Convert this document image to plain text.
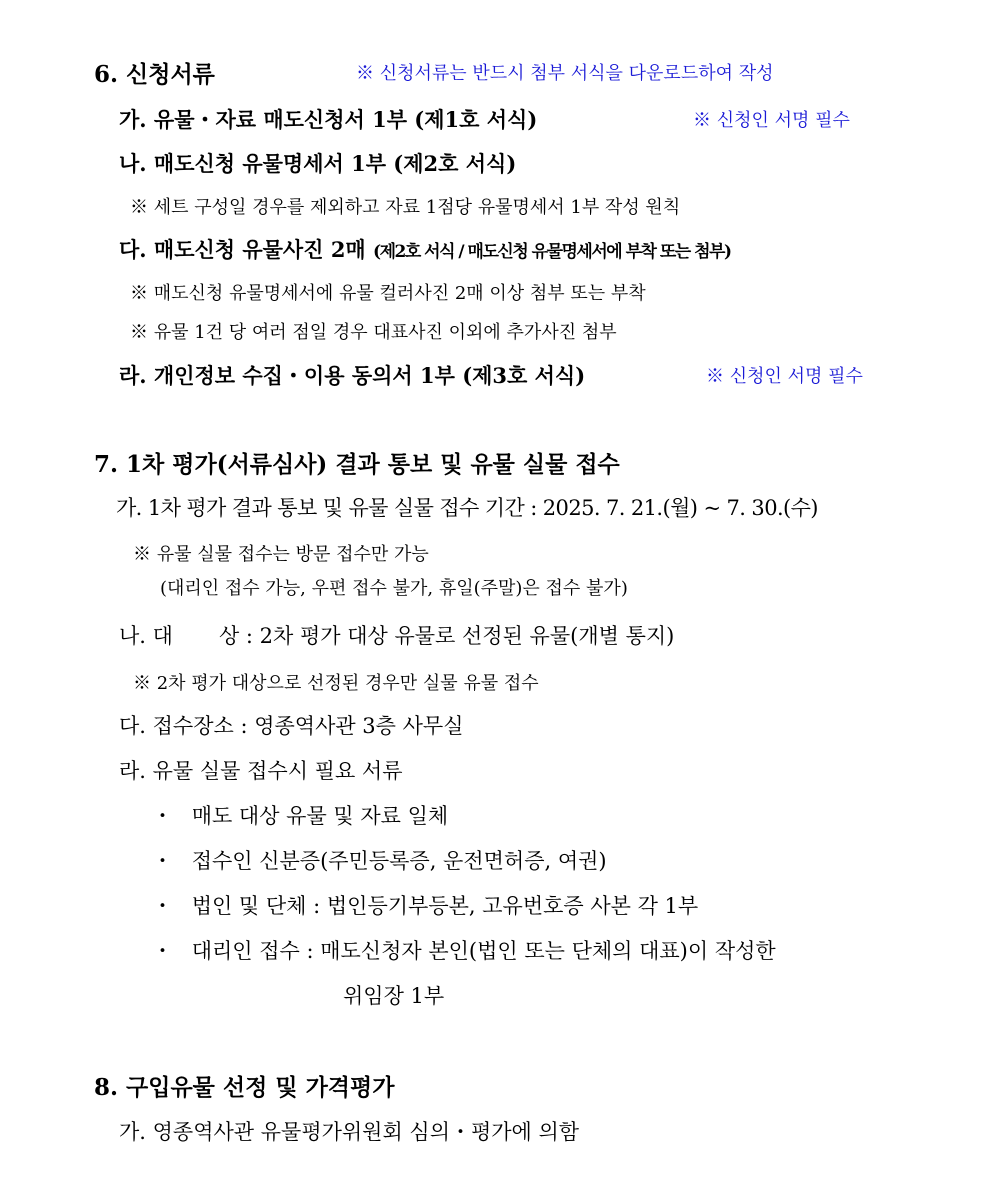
6. 신청서류	※ 신청서류는 반드시 첨부 서식을 다운로드하여 작성
가. 유물・자료 매도신청서 1부 (제1호 서식)	※ 신청인 서명 필수
나. 매도신청 유물명세서 1부 (제2호 서식)
※ 세트 구성일 경우를 제외하고 자료 1점당 유물명세서 1부 작성 원칙
다. 매도신청 유물사진 2매 (제2호 서식 / 매도신청 유물명세서에 부착 또는 첨부)
※ 매도신청 유물명세서에 유물 컬러사진 2매 이상 첨부 또는 부착
※ 유물 1건 당 여러 점일 경우 대표사진 이외에 추가사진 첨부
라. 개인정보 수집・이용 동의서 1부 (제3호 서식)	※ 신청인 서명 필수
7. 1차 평가(서류심사) 결과 통보 및 유물 실물 접수
가. 1차 평가 결과 통보 및 유물 실물 접수 기간 : 2025. 7. 21.(월) ~ 7. 30.(수)
※ 유물 실물 접수는 방문 접수만 가능
(대리인 접수 가능, 우편 접수 불가, 휴일(주말)은 접수 불가)
나. 대 상 : 2차 평가 대상 유물로 선정된 유물(개별 통지)
※ 2차 평가 대상으로 선정된 경우만 실물 유물 접수
다. 접수장소 : 영종역사관 3층 사무실
라. 유물 실물 접수시 필요 서류
・ 매도 대상 유물 및 자료 일체
・ 접수인 신분증(주민등록증, 운전면허증, 여권)
・ 법인 및 단체 : 법인등기부등본, 고유번호증 사본 각 1부
・ 대리인 접수 : 매도신청자 본인(법인 또는 단체의 대표)이 작성한
위임장 1부
8. 구입유물 선정 및 가격평가
가. 영종역사관 유물평가위원회 심의・평가에 의함
